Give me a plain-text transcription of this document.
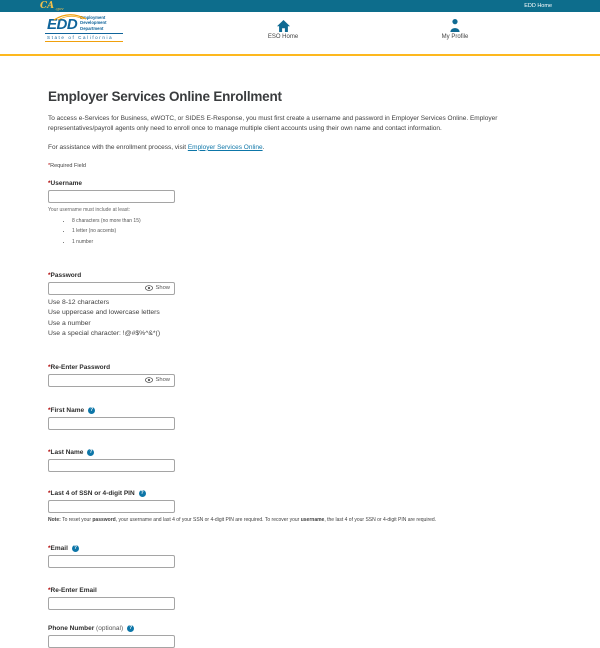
CA .gov	EDD Home
EDD Employment
Development
Department
State of California	ESO Home	My Profile
Employer Services Online Enrollment

To access e-Services for Business, eWOTC, or SIDES E-Response, you must first create a username and password in Employer Services Online. Employer representatives/payroll agents only need to enroll once to manage multiple client accounts using their own name and contact information.

For assistance with the enrollment process, visit Employer Services Online.

*Required Field

*Username
Your username must include at least:
• 8 characters (no more than 15)
• 1 letter (no accents)
• 1 number
*Password
Show
Use 8-12 characters
Use uppercase and lowercase letters
Use a number
Use a special character: !@#$%^&*()
*Re-Enter Password
Show
*First Name ?
*Last Name ?
*Last 4 of SSN or 4-digit PIN ?
Note: To reset your password, your username and last 4 of your SSN or 4-digit PIN are required. To recover your username, the last 4 of your SSN or 4-digit PIN are required.
*Email ?
*Re-Enter Email
Phone Number (optional) ?
